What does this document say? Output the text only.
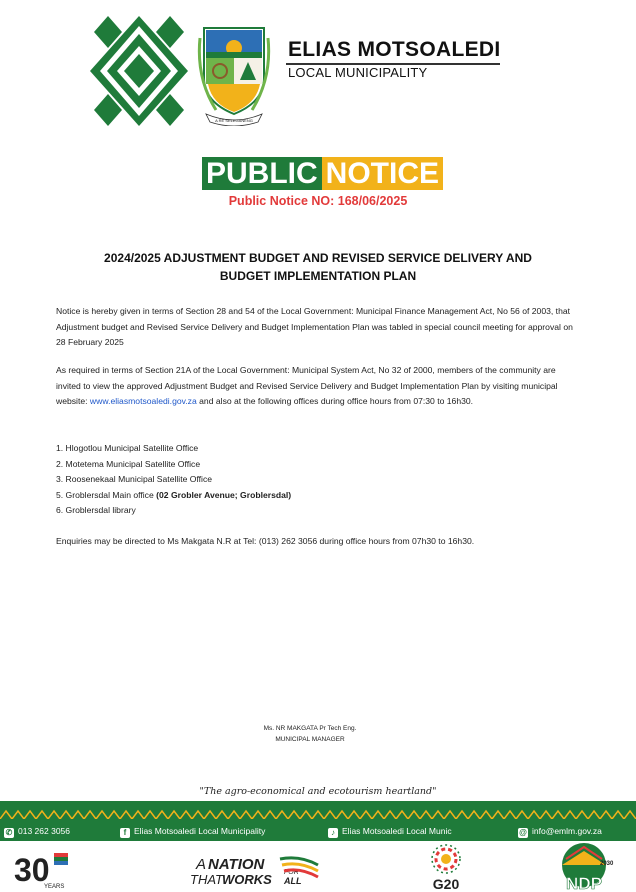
A RE SELEGANENG
ELIAS MOTSOALEDI
LOCAL MUNICIPALITY
PUBLIC NOTICE
Public Notice NO: 168/06/2025
2024/2025 ADJUSTMENT BUDGET AND REVISED SERVICE DELIVERY AND
BUDGET IMPLEMENTATION PLAN
Notice is hereby given in terms of Section 28 and 54 of the Local Government: Municipal Finance Management Act, No 56 of 2003, that Adjustment budget and Revised Service Delivery and Budget Implementation Plan was tabled in special council meeting for approval on 28 February 2025
As required in terms of Section 21A of the Local Government: Municipal System Act, No 32 of 2000, members of the community are invited to view the approved Adjustment Budget and Revised Service Delivery and Budget Implementation Plan by visiting municipal website: www.eliasmotsoaledi.gov.za and also at the following offices during office hours from 07:30 to 16h30.
1. Hlogotlou Municipal Satellite Office
2. Motetema Municipal Satellite Office
3. Roosenekaal Municipal Satellite Office
5. Groblersdal Main office (02 Grobler Avenue; Groblersdal)
6. Groblersdal library
Enquiries may be directed to Ms Makgata N.R at Tel: (013) 262 3056 during office hours from 07h30 to 16h30.
Ms. NR MAKGATA Pr Tech Eng.
MUNICIPAL MANAGER
"The agro-economical and ecotourism heartland"
✆ 013 262 3056	f Elias Motsoaledi Local Municipality	♪ Elias Motsoaledi Local Munic	@ info@emlm.gov.za
30
YEARS
A NATION
THAT WORKS FOR
ALL	G20
2030
NDP
